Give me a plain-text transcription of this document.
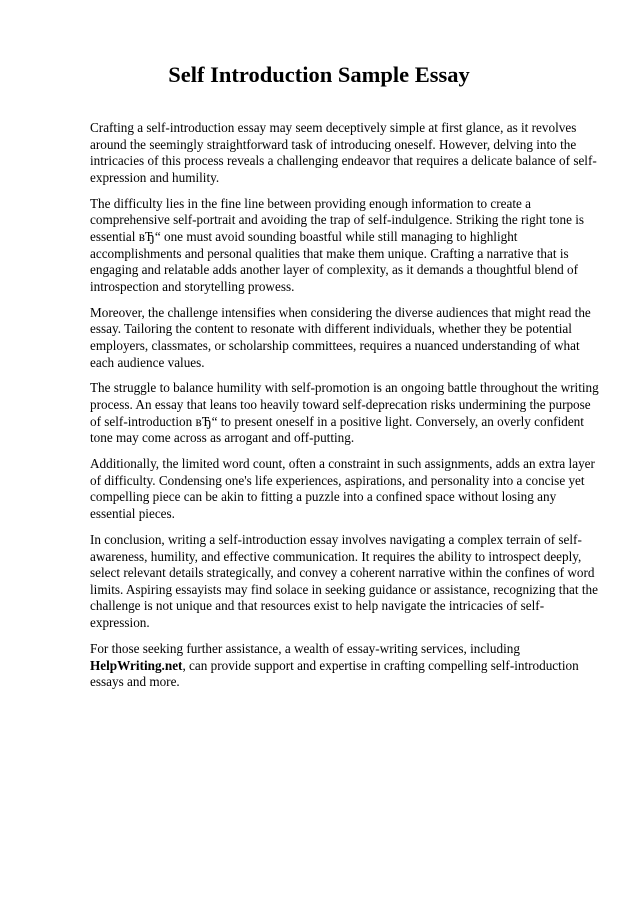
Self Introduction Sample Essay

Crafting a self-introduction essay may seem deceptively simple at first glance, as it revolves around the seemingly straightforward task of introducing oneself. However, delving into the intricacies of this process reveals a challenging endeavor that requires a delicate balance of self-expression and humility.

The difficulty lies in the fine line between providing enough information to create a comprehensive self-portrait and avoiding the trap of self-indulgence. Striking the right tone is essential вЂ“ one must avoid sounding boastful while still managing to highlight accomplishments and personal qualities that make them unique. Crafting a narrative that is engaging and relatable adds another layer of complexity, as it demands a thoughtful blend of introspection and storytelling prowess.

Moreover, the challenge intensifies when considering the diverse audiences that might read the essay. Tailoring the content to resonate with different individuals, whether they be potential employers, classmates, or scholarship committees, requires a nuanced understanding of what each audience values.

The struggle to balance humility with self-promotion is an ongoing battle throughout the writing process. An essay that leans too heavily toward self-deprecation risks undermining the purpose of self-introduction вЂ“ to present oneself in a positive light. Conversely, an overly confident tone may come across as arrogant and off-putting.

Additionally, the limited word count, often a constraint in such assignments, adds an extra layer of difficulty. Condensing one's life experiences, aspirations, and personality into a concise yet compelling piece can be akin to fitting a puzzle into a confined space without losing any essential pieces.

In conclusion, writing a self-introduction essay involves navigating a complex terrain of self-awareness, humility, and effective communication. It requires the ability to introspect deeply, select relevant details strategically, and convey a coherent narrative within the confines of word limits. Aspiring essayists may find solace in seeking guidance or assistance, recognizing that the challenge is not unique and that resources exist to help navigate the intricacies of self-expression.

For those seeking further assistance, a wealth of essay-writing services, including HelpWriting.net, can provide support and expertise in crafting compelling self-introduction essays and more.
